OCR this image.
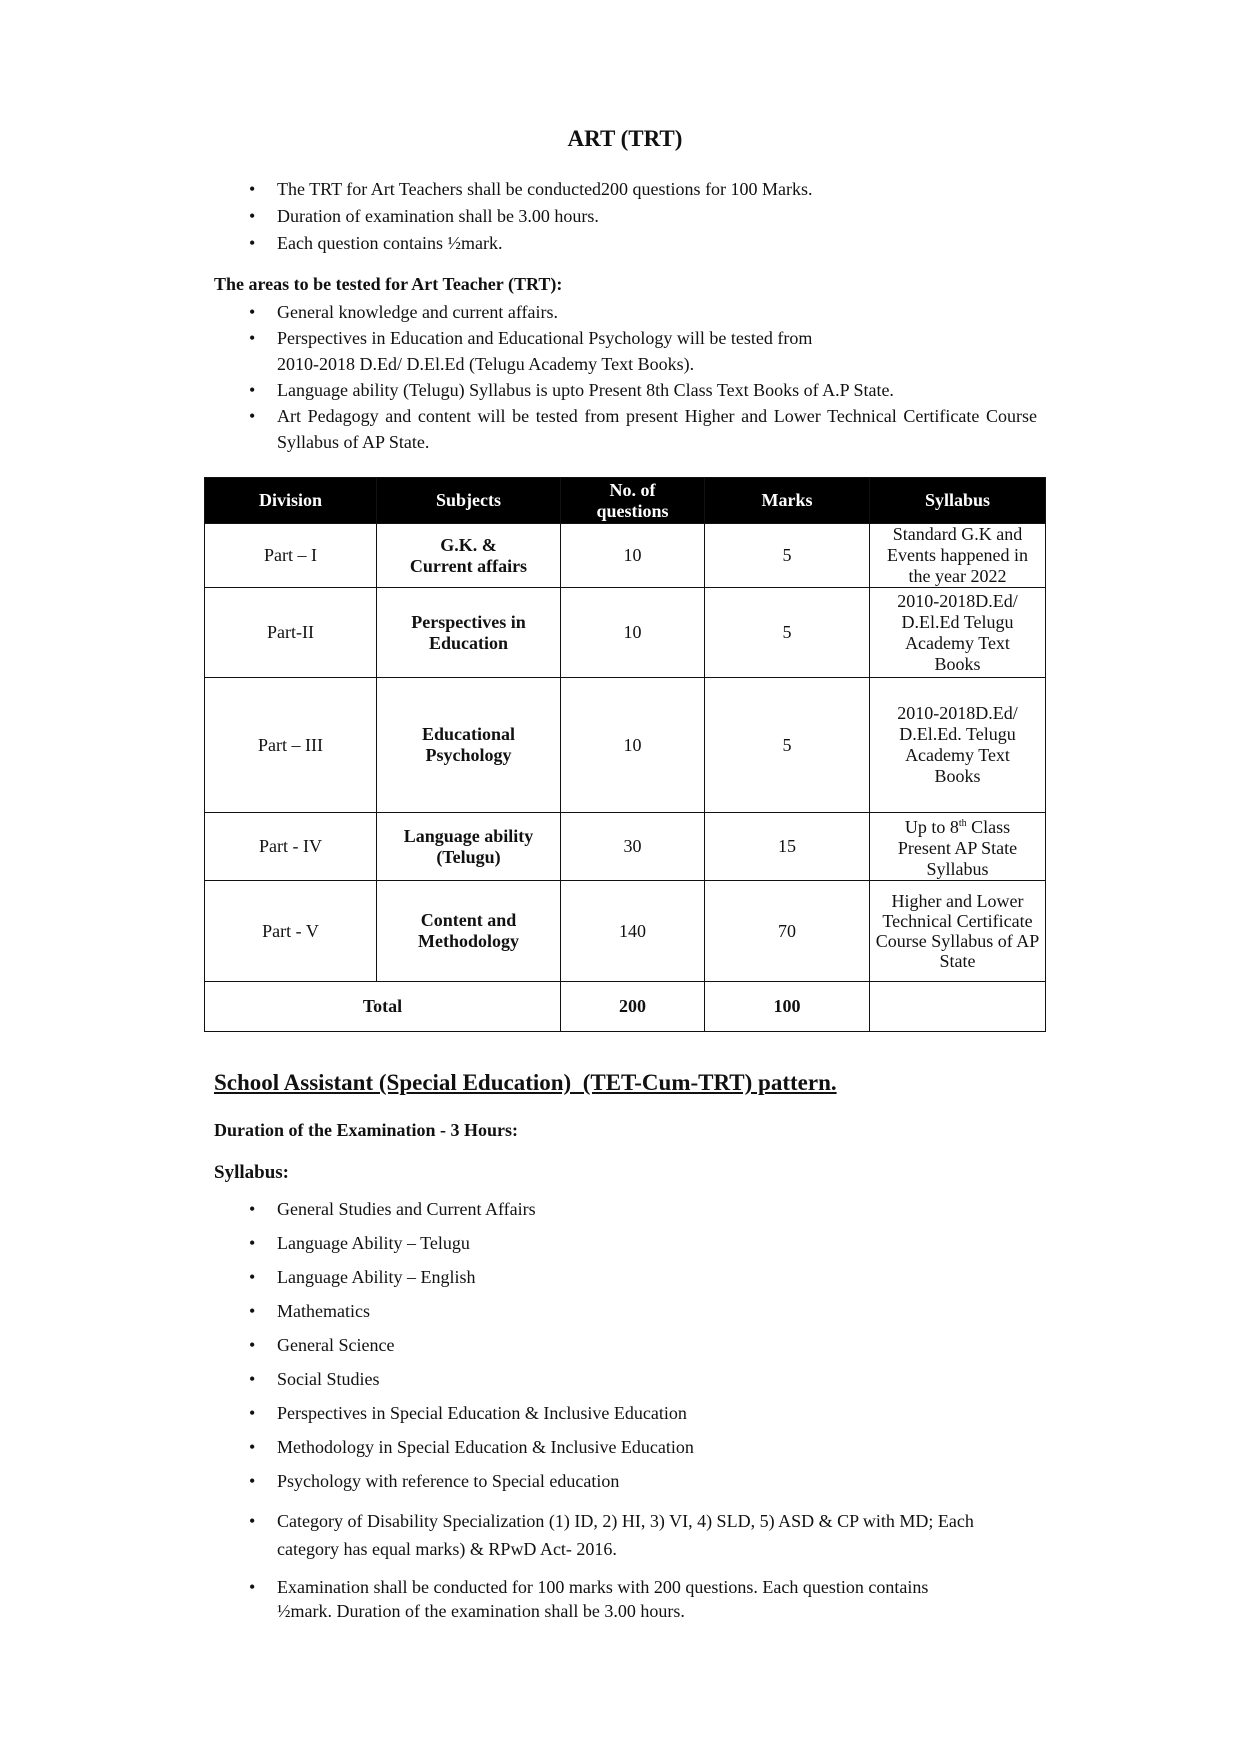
ART (TRT)
• The TRT for Art Teachers shall be conducted200 questions for 100 Marks.
• Duration of examination shall be 3.00 hours.
• Each question contains ½mark.
The areas to be tested for Art Teacher (TRT):
• General knowledge and current affairs.
• Perspectives in Education and Educational Psychology will be tested from 2010-2018 D.Ed/ D.El.Ed (Telugu Academy Text Books).
• Language ability (Telugu) Syllabus is upto Present 8th Class Text Books of A.P State.
• Art Pedagogy and content will be tested from present Higher and Lower Technical Certificate Course Syllabus of AP State.
Division	Subjects	No. of questions	Marks	Syllabus
Part – I	G.K. & Current affairs	10	5	Standard G.K and Events happened in the year 2022
Part-II	Perspectives in Education	10	5	2010-2018D.Ed/ D.El.Ed Telugu Academy Text Books
Part – III	Educational Psychology	10	5	2010-2018D.Ed/ D.El.Ed. Telugu Academy Text Books
Part - IV	Language ability (Telugu)	30	15	Up to 8th Class Present AP State Syllabus
Part - V	Content and Methodology	140	70	Higher and Lower Technical Certificate Course Syllabus of AP State
Total		200	100	
School Assistant (Special Education)  (TET-Cum-TRT) pattern.
Duration of the Examination - 3 Hours:
Syllabus:
• General Studies and Current Affairs
• Language Ability – Telugu
• Language Ability – English
• Mathematics
• General Science
• Social Studies
• Perspectives in Special Education & Inclusive Education
• Methodology in Special Education & Inclusive Education
• Psychology with reference to Special education
• Category of Disability Specialization (1) ID, 2) HI, 3) VI, 4) SLD, 5) ASD & CP with MD; Each category has equal marks) & RPwD Act- 2016.
• Examination shall be conducted for 100 marks with 200 questions. Each question contains ½mark. Duration of the examination shall be 3.00 hours.
